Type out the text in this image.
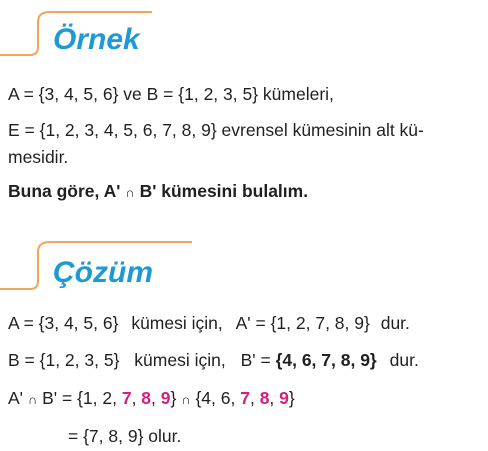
Örnek
A = {3, 4, 5, 6} ve B = {1, 2, 3, 5} kümeleri,
E = {1, 2, 3, 4, 5, 6, 7, 8, 9} evrensel kümesinin alt kü-
mesidir.
Buna göre, A' ∩ B' kümesini bulalım.
Çözüm
A = {3, 4, 5, 6} kümesi için, A' = {1, 2, 7, 8, 9} dur.
B = {1, 2, 3, 5} kümesi için, B' = {4, 6, 7, 8, 9} dur.
A' ∩ B' = {1, 2, 7, 8, 9} ∩ {4, 6, 7, 8, 9}
= {7, 8, 9} olur.
